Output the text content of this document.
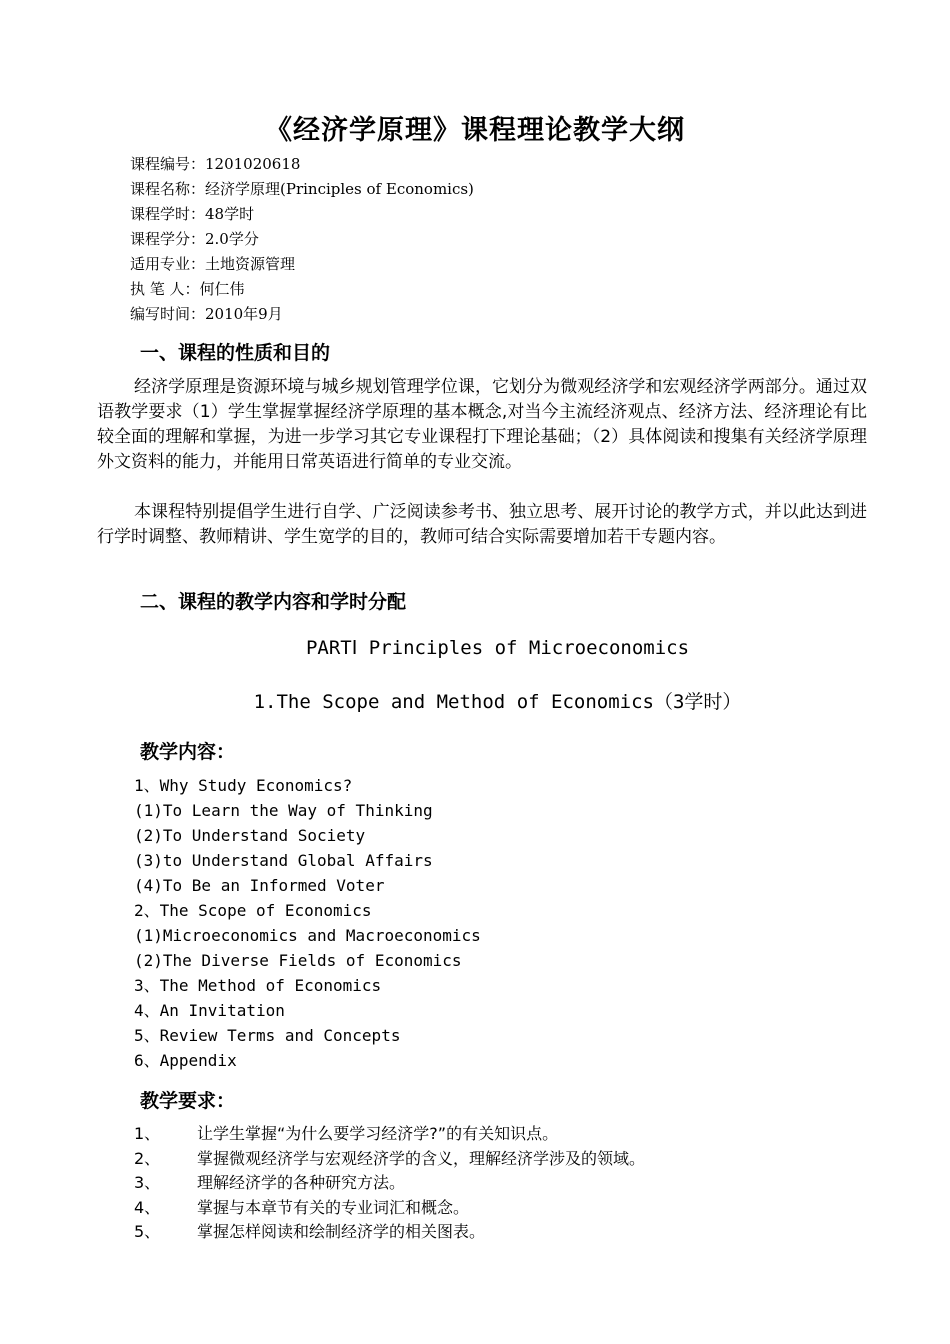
《经济学原理》课程理论教学大纲
课程编号：1201020618
课程名称：经济学原理(Principles of Economics)
课程学时：48学时
课程学分：2.0学分
适用专业：土地资源管理
执 笔 人：何仁伟
编写时间：2010年9月
一、课程的性质和目的
经济学原理是资源环境与城乡规划管理学位课，它划分为微观经济学和宏观经济学两部分。通过双语教学要求（1）学生掌握掌握经济学原理的基本概念,对当今主流经济观点、经济方法、经济理论有比较全面的理解和掌握，为进一步学习其它专业课程打下理论基础；（2）具体阅读和搜集有关经济学原理外文资料的能力，并能用日常英语进行简单的专业交流。
本课程特别提倡学生进行自学、广泛阅读参考书、独立思考、展开讨论的教学方式，并以此达到进行学时调整、教师精讲、学生宽学的目的，教师可结合实际需要增加若干专题内容。
二、课程的教学内容和学时分配
PARTⅠ Principles of Microeconomics
1.The Scope and Method of Economics（3学时）
教学内容：
1、Why Study Economics?
(1)To Learn the Way of Thinking
(2)To Understand Society
(3)to Understand Global Affairs
(4)To Be an Informed Voter
2、The Scope of Economics
(1)Microeconomics and Macroeconomics
(2)The Diverse Fields of Economics
3、The Method of Economics
4、An Invitation
5、Review Terms and Concepts
6、Appendix
教学要求：
1、 让学生掌握“为什么要学习经济学?”的有关知识点。
2、 掌握微观经济学与宏观经济学的含义，理解经济学涉及的领域。
3、 理解经济学的各种研究方法。
4、 掌握与本章节有关的专业词汇和概念。
5、 掌握怎样阅读和绘制经济学的相关图表。
